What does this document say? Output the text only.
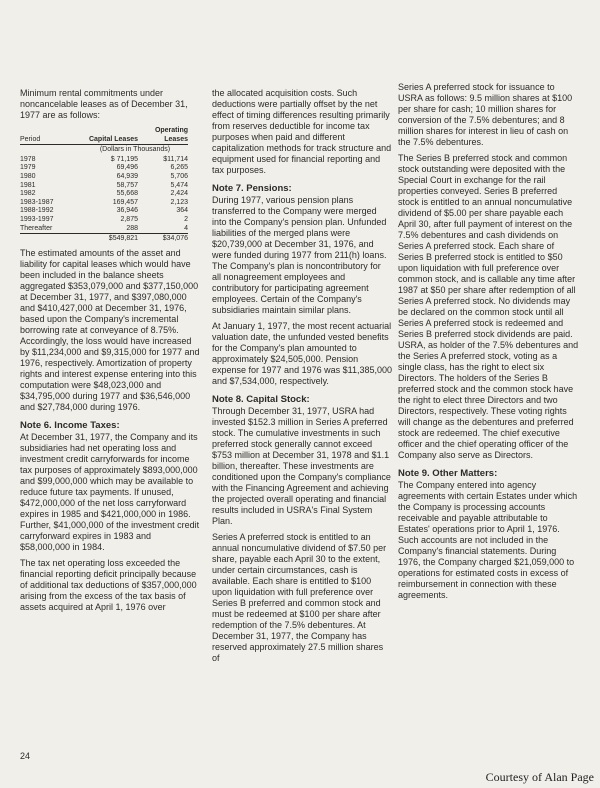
Minimum rental commitments under noncancelable leases as of December 31, 1977 are as follows:

Period	Capital Leases	Operating Leases
	(Dollars in Thousands)	
1978	$ 71,195	$11,714
1979	69,496	6,265
1980	64,939	5,706
1981	58,757	5,474
1982	55,668	2,424
1983-1987	169,457	2,123
1988-1992	36,946	364
1993-1997	2,875	2
Thereafter	288	4
	$549,821	$34,076

The estimated amounts of the asset and liability for capital leases which would have been included in the balance sheets aggregated $353,079,000 and $377,150,000 at December 31, 1977, and $397,080,000 and $410,427,000 at December 31, 1976, based upon the Company's incremental borrowing rate at conveyance of 8.75%. Accordingly, the loss would have increased by $11,234,000 and $9,315,000 for 1977 and 1976, respectively. Amortization of property rights and interest expense entering into this computation were $48,023,000 and $34,795,000 during 1977 and $36,546,000 and $27,784,000 during 1976.

Note 6. Income Taxes:

At December 31, 1977, the Company and its subsidiaries had net operating loss and investment credit carryforwards for income tax purposes of approximately $893,000,000 and $99,000,000 which may be available to reduce future tax payments. If unused, $472,000,000 of the net loss carryforward expires in 1985 and $421,000,000 in 1986. Further, $41,000,000 of the investment credit carryforward expires in 1983 and $58,000,000 in 1984.

The tax net operating loss exceeded the financial reporting deficit principally because of additional tax deductions of $357,000,000 arising from the excess of the tax basis of assets acquired at April 1, 1976 over

the allocated acquisition costs. Such deductions were partially offset by the net effect of timing differences resulting primarily from reserves deductible for income tax purposes when paid and different capitalization methods for track structure and equipment used for financial reporting and tax purposes.

Note 7. Pensions:

During 1977, various pension plans transferred to the Company were merged into the Company's pension plan. Unfunded liabilities of the merged plans were $20,739,000 at December 31, 1976, and were funded during 1977 from 211(h) loans. The Company's plan is noncontributory for all nonagreement employees and contributory for participating agreement employees. Certain of the Company's subsidiaries maintain similar plans.

At January 1, 1977, the most recent actuarial valuation date, the unfunded vested benefits for the Company's plan amounted to approximately $24,505,000. Pension expense for 1977 and 1976 was $11,385,000 and $7,534,000, respectively.

Note 8. Capital Stock:

Through December 31, 1977, USRA had invested $152.3 million in Series A preferred stock. The cumulative investments in such preferred stock generally cannot exceed $753 million at December 31, 1978 and $1.1 billion, thereafter. These investments are conditioned upon the Company's compliance with the Financing Agreement and achieving the projected overall operating and financial results included in USRA's Final System Plan.

Series A preferred stock is entitled to an annual noncumulative dividend of $7.50 per share, payable each April 30 to the extent, under certain circumstances, cash is available. Each share is entitled to $100 upon liquidation with full preference over Series B preferred and common stock and must be redeemed at $100 per share after redemption of the 7.5% debentures. At December 31, 1977, the Company has reserved approximately 27.5 million shares of

Series A preferred stock for issuance to USRA as follows: 9.5 million shares at $100 per share for cash; 10 million shares for conversion of the 7.5% debentures; and 8 million shares for interest in lieu of cash on the 7.5% debentures.

The Series B preferred stock and common stock outstanding were deposited with the Special Court in exchange for the rail properties conveyed. Series B preferred stock is entitled to an annual noncumulative dividend of $5.00 per share payable each April 30, after full payment of interest on the 7.5% debentures and cash dividends on Series A preferred stock. Each share of Series B preferred stock is entitled to $50 upon liquidation with full preference over common stock, and is callable any time after 1987 at $50 per share after redemption of all Series A preferred stock. No dividends may be declared on the common stock until all Series A preferred stock is redeemed and Series B preferred stock dividends are paid. USRA, as holder of the 7.5% debentures and the Series A preferred stock, voting as a single class, has the right to elect six Directors. The holders of the Series B preferred stock and the common stock have the right to elect three Directors and two Directors, respectively. These voting rights will change as the debentures and preferred stock are redeemed. The chief executive officer and the chief operating officer of the Company also serve as Directors.

Note 9. Other Matters:

The Company entered into agency agreements with certain Estates under which the Company is processing accounts receivable and payable attributable to Estates' operations prior to April 1, 1976. Such accounts are not included in the Company's financial statements. During 1976, the Company charged $21,059,000 to operations for estimated costs in excess of reimbursement in connection with these agreements.

24
Courtesy of Alan Page
